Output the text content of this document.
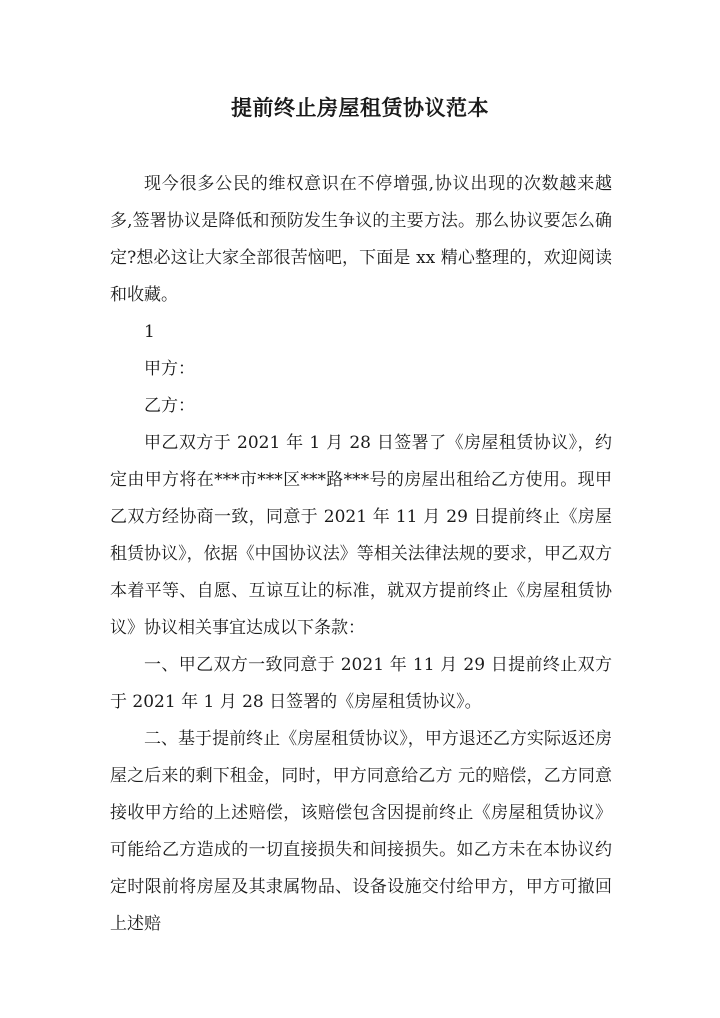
提前终止房屋租赁协议范本

现今很多公民的维权意识在不停增强,协议出现的次数越来越多,签署协议是降低和预防发生争议的主要方法。那么协议要怎么确定?想必这让大家全部很苦恼吧，下面是 xx 精心整理的，欢迎阅读和收藏。

1

甲方：

乙方：

甲乙双方于 2021 年 1 月 28 日签署了《房屋租赁协议》，约定由甲方将在***市***区***路***号的房屋出租给乙方使用。现甲乙双方经协商一致，同意于 2021 年 11 月 29 日提前终止《房屋租赁协议》，依据《中国协议法》等相关法律法规的要求，甲乙双方本着平等、自愿、互谅互让的标准，就双方提前终止《房屋租赁协议》协议相关事宜达成以下条款：

一、甲乙双方一致同意于 2021 年 11 月 29 日提前终止双方于 2021 年 1 月 28 日签署的《房屋租赁协议》。

二、基于提前终止《房屋租赁协议》，甲方退还乙方实际返还房屋之后来的剩下租金，同时，甲方同意给乙方 元的赔偿，乙方同意接收甲方给的上述赔偿，该赔偿包含因提前终止《房屋租赁协议》可能给乙方造成的一切直接损失和间接损失。如乙方未在本协议约定时限前将房屋及其隶属物品、设备设施交付给甲方，甲方可撤回上述赔
